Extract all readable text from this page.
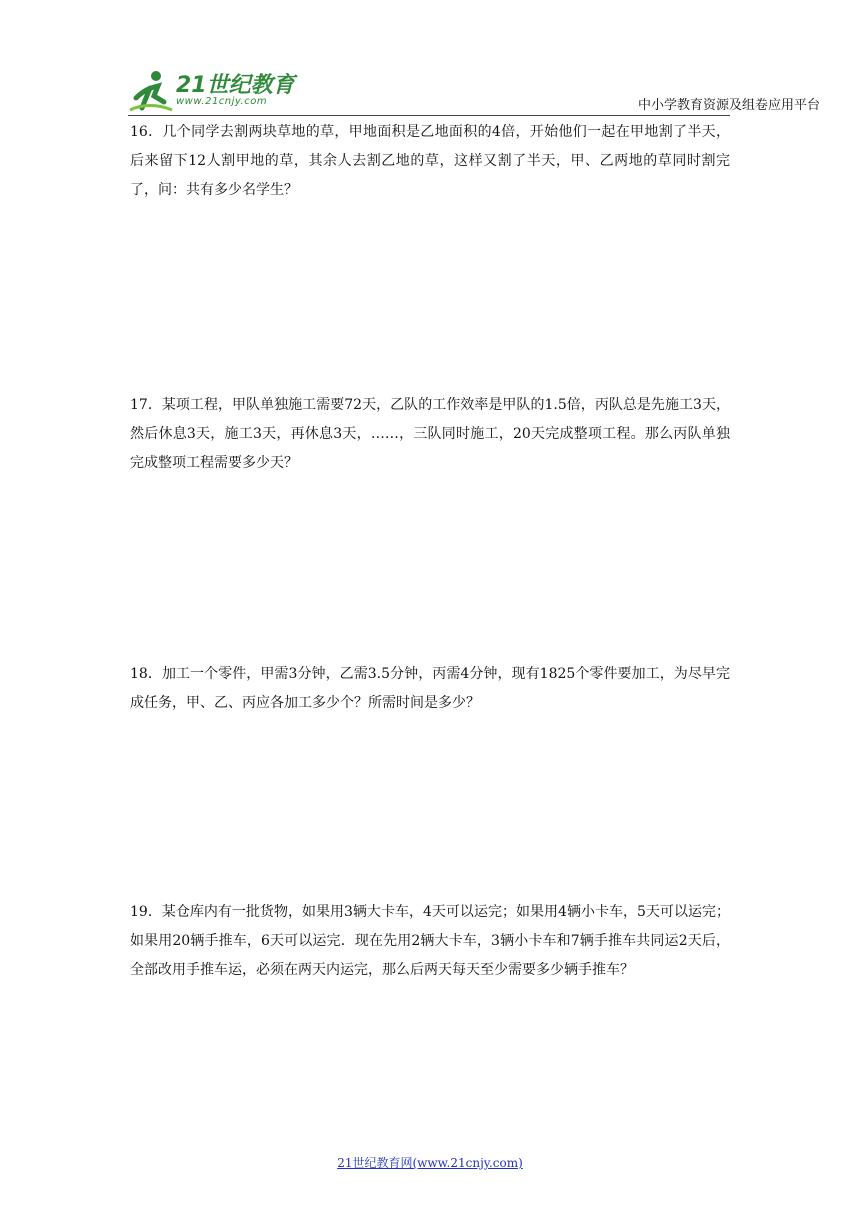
21世纪教育
www.21cnjy.com	中小学教育资源及组卷应用平台
16．几个同学去割两块草地的草，甲地面积是乙地面积的4倍，开始他们一起在甲地割了半天，后来留下12人割甲地的草，其余人去割乙地的草，这样又割了半天，甲、乙两地的草同时割完了，问：共有多少名学生？
17．某项工程，甲队单独施工需要72天，乙队的工作效率是甲队的1.5倍，丙队总是先施工3天，然后休息3天，施工3天，再休息3天，……，三队同时施工，20天完成整项工程。那么丙队单独完成整项工程需要多少天？
18．加工一个零件，甲需3分钟，乙需3.5分钟，丙需4分钟，现有1825个零件要加工，为尽早完成任务，甲、乙、丙应各加工多少个？所需时间是多少？
19．某仓库内有一批货物，如果用3辆大卡车，4天可以运完；如果用4辆小卡车，5天可以运完；如果用20辆手推车，6天可以运完．现在先用2辆大卡车，3辆小卡车和7辆手推车共同运2天后，全部改用手推车运，必须在两天内运完，那么后两天每天至少需要多少辆手推车？
21世纪教育网(www.21cnjy.com)
